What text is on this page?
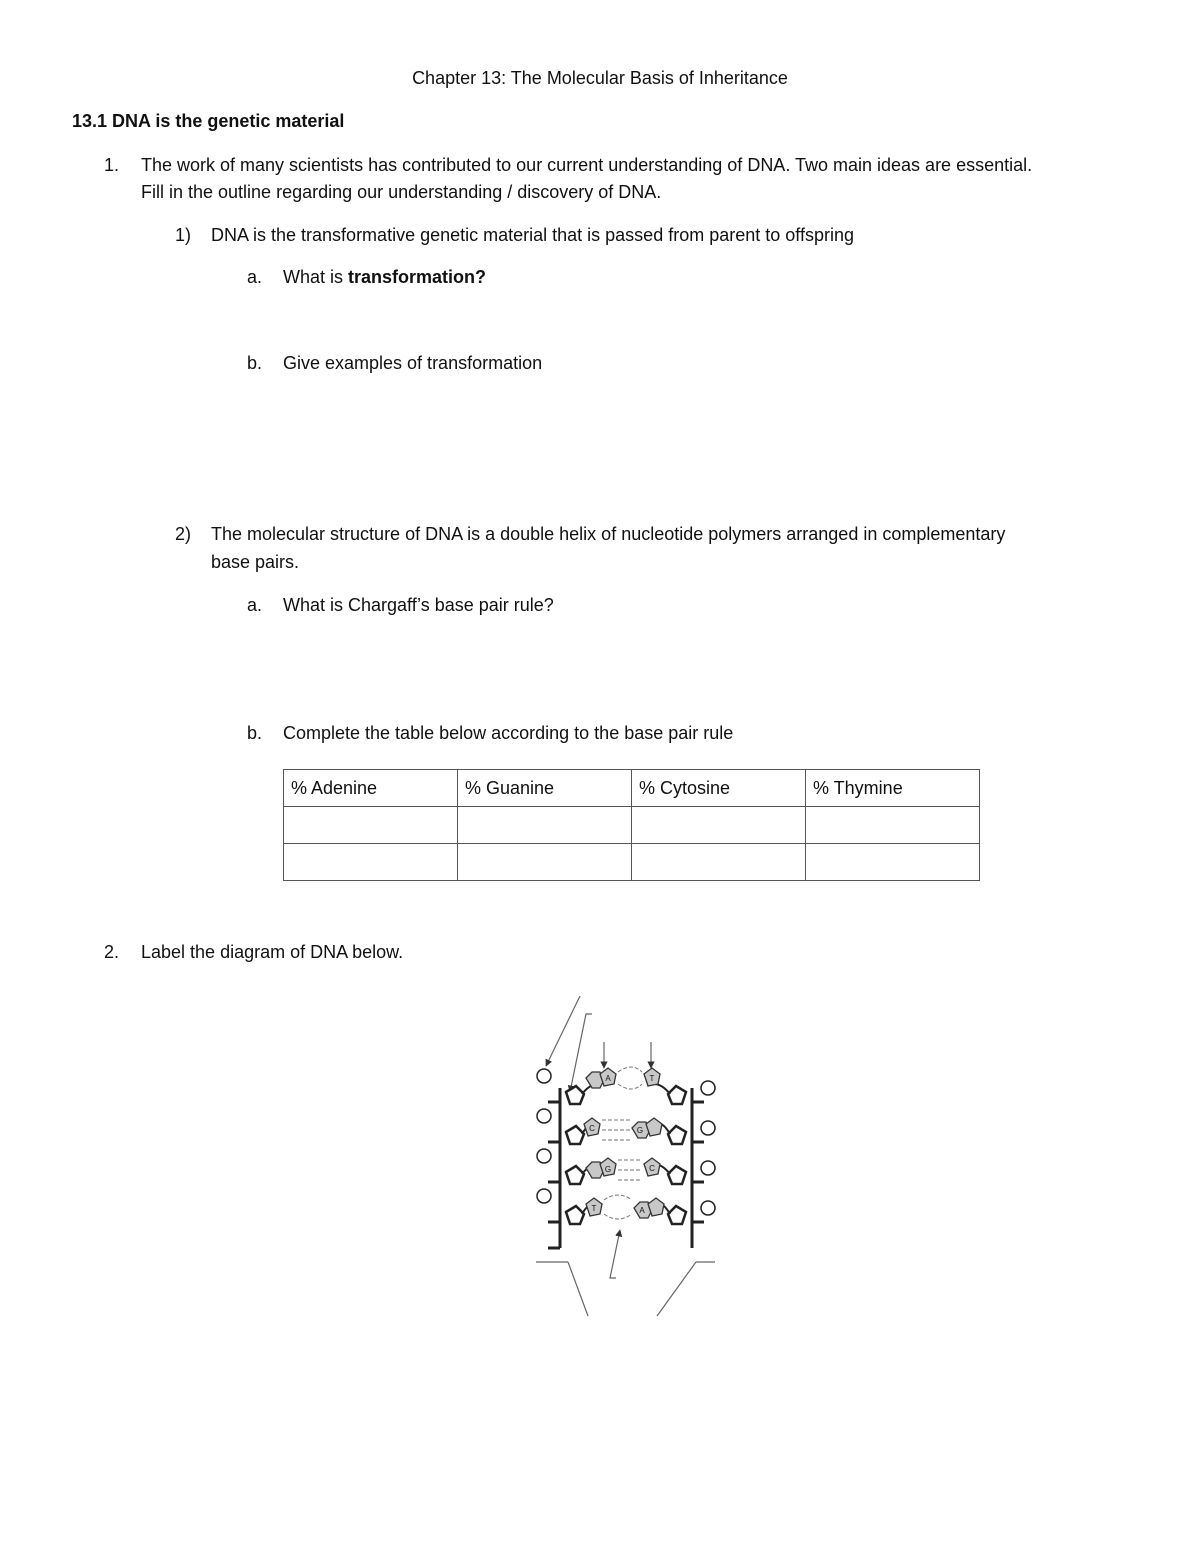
Chapter 13: The Molecular Basis of Inheritance
13.1 DNA is the genetic material
1. The work of many scientists has contributed to our current understanding of DNA. Two main ideas are essential.
Fill in the outline regarding our understanding / discovery of DNA.
1) DNA is the transformative genetic material that is passed from parent to offspring
a. What is transformation?
b. Give examples of transformation
2) The molecular structure of DNA is a double helix of nucleotide polymers arranged in complementary
base pairs.
a. What is Chargaff’s base pair rule?
b. Complete the table below according to the base pair rule
% Adenine	% Guanine	% Cytosine	% Thymine

2. Label the diagram of DNA below.
A	T
C	G
G	C
T	A
